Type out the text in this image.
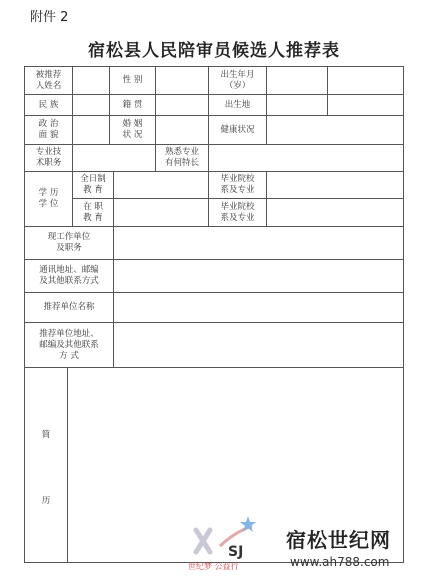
附件 2
宿松县人民陪审员候选人推荐表
被推荐
人姓名
性 别
出生年月
（岁）
民 族	籍 贯	出生地
政 治
面 貌
婚 姻
状 况
健康状况
专业技
术职务
熟悉专业
有何特长
学 历
学 位
全日制
教 育
毕业院校
系及专业
在 职
教 育
毕业院校
系及专业
现工作单位
及职务
通讯地址、邮编
及其他联系方式
推荐单位名称
推荐单位地址、
邮编及其他联系
方 式
简
历
SJ
世纪梦 公益行
宿松世纪网
www.ah788.com
